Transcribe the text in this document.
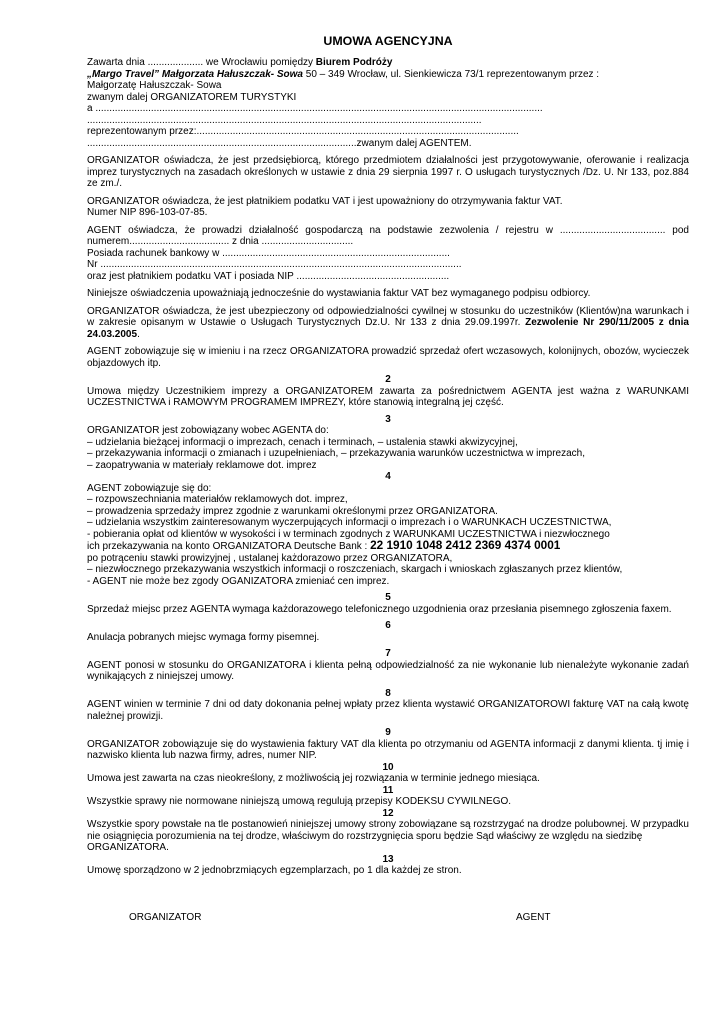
UMOWA AGENCYJNA

Zawarta dnia .................... we Wrocławiu pomiędzy Biurem Podróży

„Margo Travel” Małgorzata Hałuszczak- Sowa 50 – 349 Wrocław, ul. Sienkiewicza 73/1 reprezentowanym przez :

Małgorzatę Hałuszczak- Sowa

zwanym dalej ORGANIZATOREM TURYSTYKI

a .................................................................................................................................................................

..............................................................................................................................................

reprezentowanym przez:....................................................................................................................

.................................................................................................zwanym dalej AGENTEM.

ORGANIZATOR oświadcza, że jest przedsiębiorcą, którego przedmiotem działalności jest przygotowywanie, oferowanie i realizacja imprez turystycznych na zasadach określonych w ustawie z dnia 29 sierpnia 1997 r. O usługach turystycznych /Dz. U. Nr 133, poz.884 ze zm./.

ORGANIZATOR oświadcza, że jest płatnikiem podatku VAT i jest upoważniony do otrzymywania faktur VAT.

Numer NIP 896-103-07-85.

AGENT oświadcza, że prowadzi działalność gospodarczą na podstawie zezwolenia / rejestru w ...................................... pod numerem.................................... z dnia .................................

Posiada rachunek bankowy w ..................................................................................

Nr ..................................................................................................................................

oraz jest płatnikiem podatku VAT i posiada NIP .......................................................

Niniejsze oświadczenia upoważniają jednocześnie do wystawiania faktur VAT bez wymaganego podpisu odbiorcy.

ORGANIZATOR oświadcza, że jest ubezpieczony od odpowiedzialności cywilnej w stosunku do uczestników (Klientów)na warunkach i w zakresie opisanym w Ustawie o Usługach Turystycznych Dz.U. Nr 133 z dnia 29.09.1997r. Zezwolenie Nr 290/11/2005 z dnia 24.03.2005.

AGENT zobowiązuje się w imieniu i na rzecz ORGANIZATORA prowadzić sprzedaż ofert wczasowych, kolonijnych, obozów, wycieczek objazdowych itp.

2

Umowa między Uczestnikiem imprezy a ORGANIZATOREM zawarta za pośrednictwem AGENTA jest ważna z WARUNKAMI UCZESTNICTWA i RAMOWYM PROGRAMEM IMPREZY, które stanowią integralną jej część.

3

ORGANIZATOR jest zobowiązany wobec AGENTA do:

– udzielania bieżącej informacji o imprezach, cenach i terminach, – ustalenia stawki akwizycyjnej,

– przekazywania informacji o zmianach i uzupełnieniach, – przekazywania warunków uczestnictwa w imprezach,

– zaopatrywania w materiały reklamowe dot. imprez

4

AGENT zobowiązuje się do:

– rozpowszechniania materiałów reklamowych dot. imprez,

– prowadzenia sprzedaży imprez zgodnie z warunkami określonymi przez ORGANIZATORA.

– udzielania wszystkim zainteresowanym wyczerpujących informacji o imprezach i o WARUNKACH UCZESTNICTWA,

- pobierania opłat od klientów w wysokości i w terminach zgodnych z WARUNKAMI UCZESTNICTWA i niezwłocznego

ich przekazywania na konto ORGANIZATORA Deutsche Bank : 22 1910 1048 2412 2369 4374 0001

po potrąceniu stawki prowizyjnej , ustalanej każdorazowo przez ORGANIZATORA,

– niezwłocznego przekazywania wszystkich informacji o roszczeniach, skargach i wnioskach zgłaszanych przez klientów,

- AGENT nie może bez zgody OGANIZATORA zmieniać cen imprez.

5

Sprzedaż miejsc przez AGENTA wymaga każdorazowego telefonicznego uzgodnienia oraz przesłania pisemnego zgłoszenia faxem.

6

Anulacja pobranych miejsc wymaga formy pisemnej.

7

AGENT ponosi w stosunku do ORGANIZATORA i klienta pełną odpowiedzialność za nie wykonanie lub nienależyte wykonanie zadań wynikających z niniejszej umowy.

8

AGENT winien w terminie 7 dni od daty dokonania pełnej wpłaty przez klienta wystawić ORGANIZATOROWI fakturę VAT na całą kwotę należnej prowizji.

9

ORGANIZATOR zobowiązuje się do wystawienia faktury VAT dla klienta po otrzymaniu od AGENTA informacji z danymi klienta. tj imię i nazwisko klienta lub nazwa firmy, adres, numer NIP.

10

Umowa jest zawarta na czas nieokreślony, z możliwością jej rozwiązania w terminie jednego miesiąca.

11

Wszystkie sprawy nie normowane niniejszą umową regulują przepisy KODEKSU CYWILNEGO.

12

Wszystkie spory powstałe na tle postanowień niniejszej umowy strony zobowiązane są rozstrzygać na drodze polubownej. W przypadku nie osiągnięcia porozumienia na tej drodze, właściwym do rozstrzygnięcia sporu będzie Sąd właściwy ze względu na siedzibę ORGANIZATORA.

13

Umowę sporządzono w 2 jednobrzmiących egzemplarzach, po 1 dla każdej ze stron.

ORGANIZATOR	AGENT
